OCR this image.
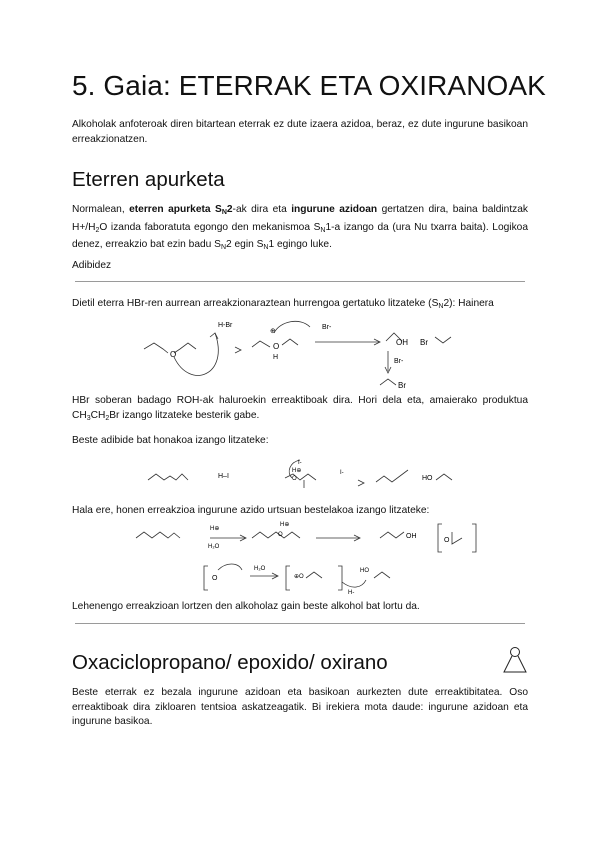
5. Gaia: ETERRAK ETA OXIRANOAK

Alkoholak anfoteroak diren bitartean eterrak ez dute izaera azidoa, beraz, ez dute ingurune basikoan erreakzionatzen.

Eterren apurketa

Normalean, eterren apurketa SN2-ak dira eta ingurune azidoan gertatzen dira, baina baldintzak $H+/H_2O$ izanda faboratuta egongo den mekanismoa $S_N1-a$ izango da (ura Nu txarra baita). Logikoa denez, erreakzio bat ezin badu $S_N2$ egin $S_N1$ egingo luke.

Adibidez

Dietil eterra HBr-ren aurrean arreakzionaraztean hurrengoa gertatuko litzateke $(S_N2)$: Hainera

H-Br
O
⊕
O
H
Br-
OH
Br-
Br
Br

HBr soberan badago ROH-ak haluroekin erreaktiboak dira. Hori dela eta, amaierako produktua $CH_3CH_2Br$ izango litzateke besterik gabe.

Beste adibide bat honakoa izango litzateke:

H–I
I-
H⊕
O
I-
HO

Hala ere, honen erreakzioa ingurune azido urtsuan bestelakoa izango litzateke:

H⊕
H₂O
H⊕
O	OH
O
O
H₂O
⊕O
HO
H-

Lehenengo erreakzioan lortzen den alkoholaz gain beste alkohol bat lortu da.

Oxaciclopropano/ epoxido/ oxirano

Beste eterrak ez bezala ingurune azidoan eta basikoan aurkezten dute erreaktibitatea. Oso erreaktiboak dira zikloaren tentsioa askatzeagatik. Bi irekiera mota daude: ingurune azidoan eta ingurune basikoa.
